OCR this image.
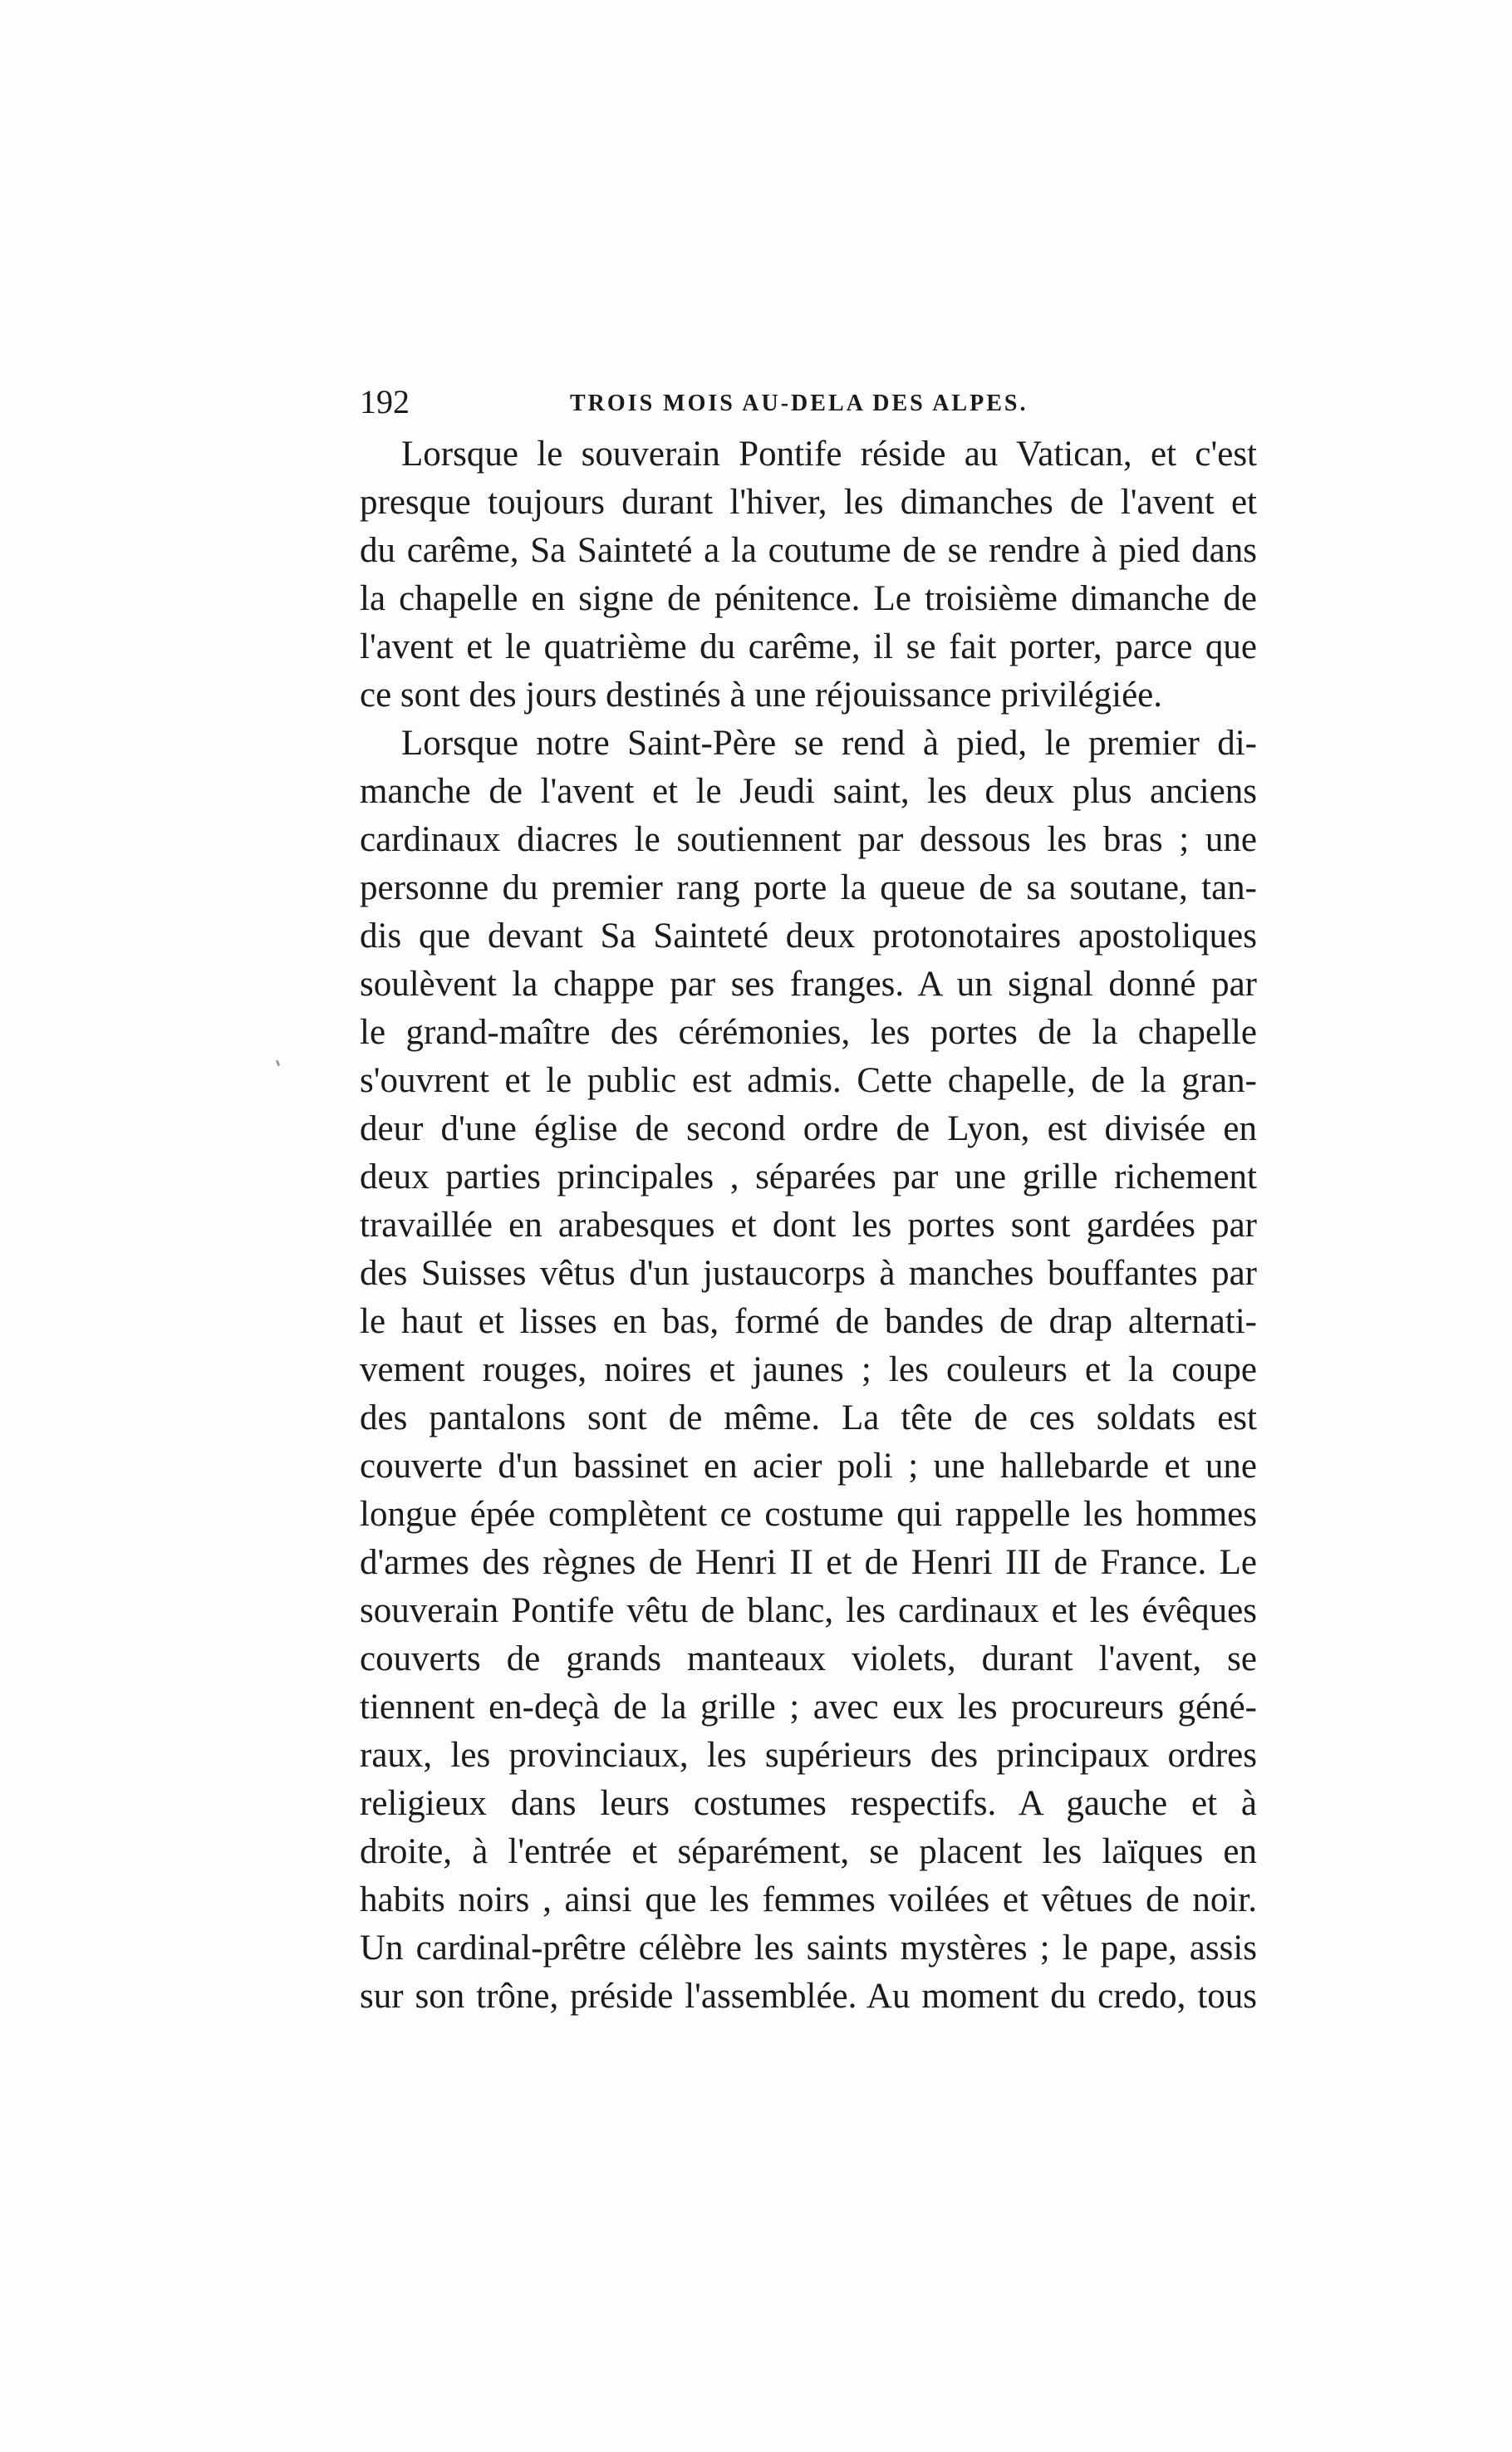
192	TROIS MOIS AU-DELA DES ALPES.
Lorsque le souverain Pontife réside au Vatican, et c'est
presque toujours durant l'hiver, les dimanches de l'avent et
du carême, Sa Sainteté a la coutume de se rendre à pied dans
la chapelle en signe de pénitence. Le troisième dimanche de
l'avent et le quatrième du carême, il se fait porter, parce que
ce sont des jours destinés à une réjouissance privilégiée.
Lorsque notre Saint-Père se rend à pied, le premier di-
manche de l'avent et le Jeudi saint, les deux plus anciens
cardinaux diacres le soutiennent par dessous les bras ; une
personne du premier rang porte la queue de sa soutane, tan-
dis que devant Sa Sainteté deux protonotaires apostoliques
soulèvent la chappe par ses franges. A un signal donné par
le grand-maître des cérémonies, les portes de la chapelle
s'ouvrent et le public est admis. Cette chapelle, de la gran-
deur d'une église de second ordre de Lyon, est divisée en
deux parties principales , séparées par une grille richement
travaillée en arabesques et dont les portes sont gardées par
des Suisses vêtus d'un justaucorps à manches bouffantes par
le haut et lisses en bas, formé de bandes de drap alternati-
vement rouges, noires et jaunes ; les couleurs et la coupe
des pantalons sont de même. La tête de ces soldats est
couverte d'un bassinet en acier poli ; une hallebarde et une
longue épée complètent ce costume qui rappelle les hommes
d'armes des règnes de Henri II et de Henri III de France. Le
souverain Pontife vêtu de blanc, les cardinaux et les évêques
couverts de grands manteaux violets, durant l'avent, se
tiennent en-deçà de la grille ; avec eux les procureurs géné-
raux, les provinciaux, les supérieurs des principaux ordres
religieux dans leurs costumes respectifs. A gauche et à
droite, à l'entrée et séparément, se placent les laïques en
habits noirs , ainsi que les femmes voilées et vêtues de noir.
Un cardinal-prêtre célèbre les saints mystères ; le pape, assis
sur son trône, préside l'assemblée. Au moment du credo, tous
